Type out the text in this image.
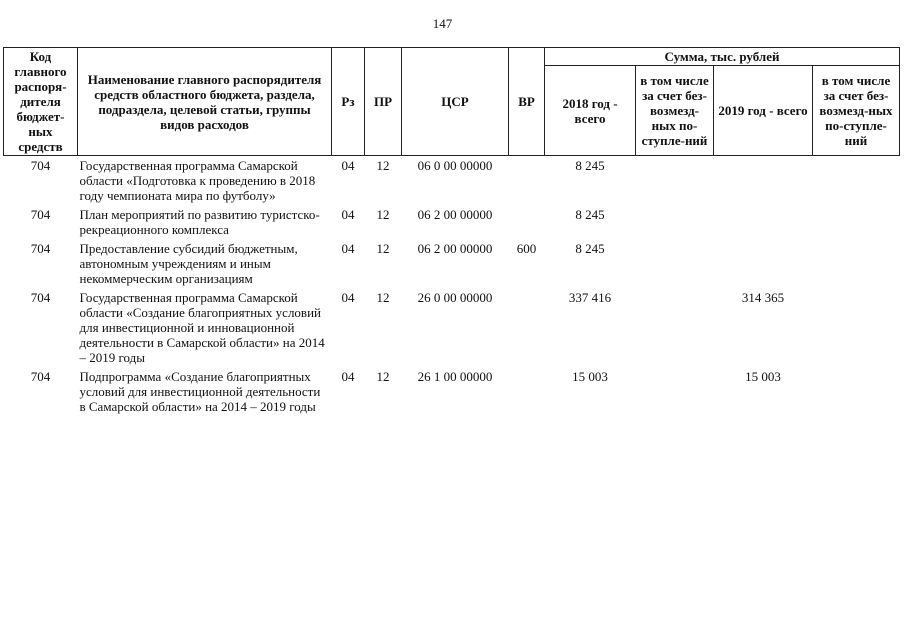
147
Код главного распоря-дителя бюджет-ных средств	Наименование главного распорядителя средств областного бюджета, раздела, подраздела, целевой статьи, группы видов расходов	Рз	ПР	ЦСР	ВР	Сумма, тыс. рублей			
						2018 год - всего	в том числе за счет без-возмезд-ных по-ступле-ний	2019 год - всего	в том числе за счет без-возмезд-ных по-ступле-ний
704	Государственная программа Самарской области «Подготовка к проведению в 2018 году чемпионата мира по футболу»	04	12	06 0 00 00000		8 245			
704	План мероприятий по развитию туристско-рекреационного комплекса	04	12	06 2 00 00000		8 245			
704	Предоставление субсидий бюджетным, автономным учреждениям и иным некоммерческим организациям	04	12	06 2 00 00000	600	8 245			
704	Государственная программа Самарской области «Создание благоприятных условий для инвестиционной и инновационной деятельности в Самарской области» на 2014 – 2019 годы	04	12	26 0 00 00000		337 416		314 365	
704	Подпрограмма «Создание благоприятных условий для инвестиционной деятельности в Самарской области» на 2014 – 2019 годы	04	12	26 1 00 00000		15 003		15 003	
